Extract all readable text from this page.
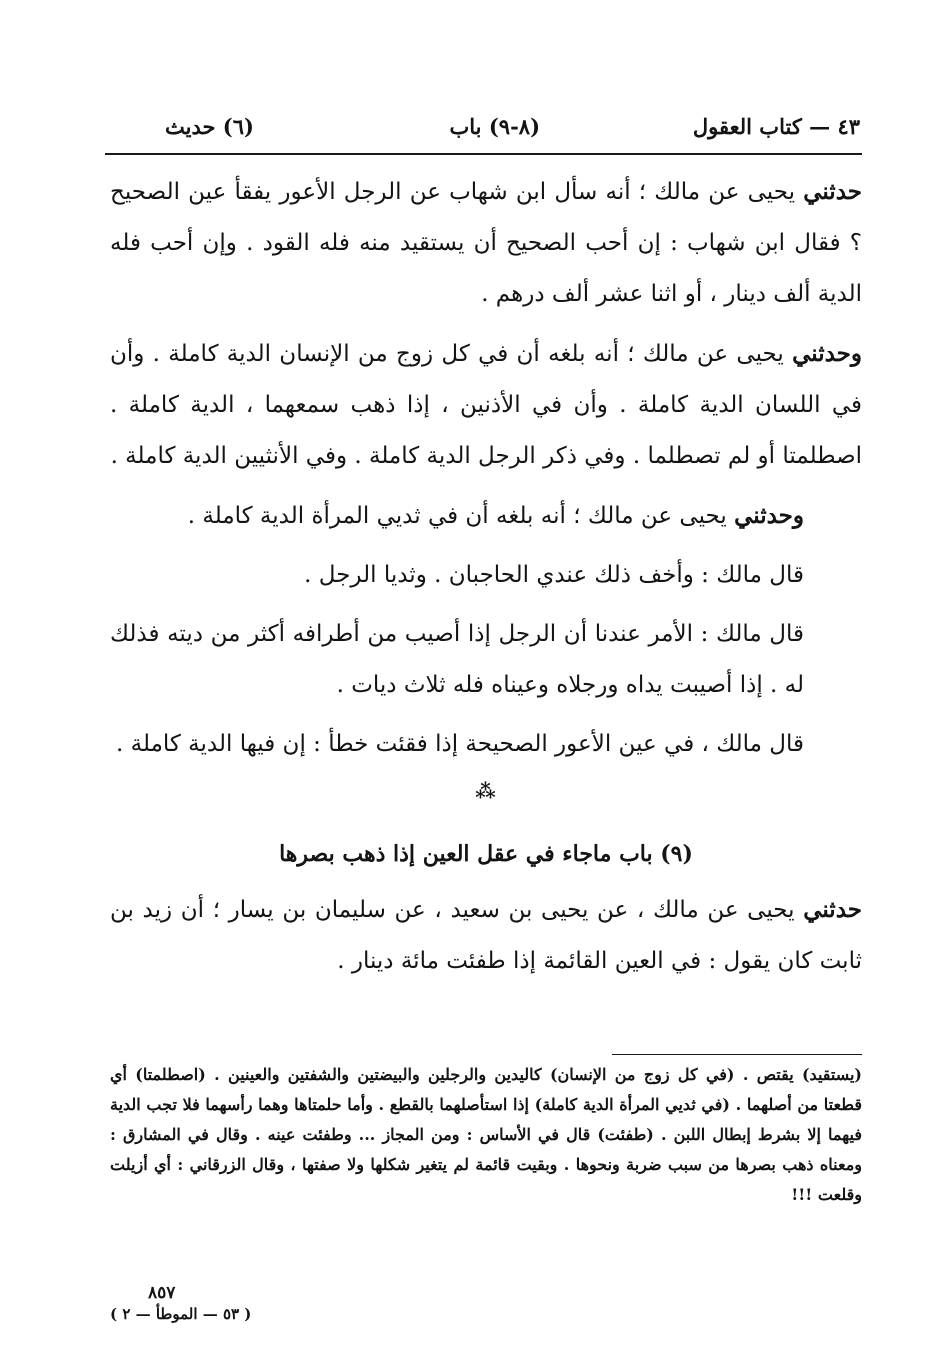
٤٣ — كتاب العقول
(٨-٩) باب
(٦) حديث

حدثني يحيى عن مالك ؛ أنه سأل ابن شهاب عن الرجل الأعور يفقأ عين الصحيح ؟ فقال ابن شهاب : إن أحب الصحيح أن يستقيد منه فله القود . وإن أحب فله الدية ألف دينار ، أو اثنا عشر ألف درهم .

وحدثني يحيى عن مالك ؛ أنه بلغه أن في كل زوج من الإنسان الدية كاملة . وأن في اللسان الدية كاملة . وأن في الأذنين ، إذا ذهب سمعهما ، الدية كاملة . اصطلمتا أو لم تصطلما . وفي ذكر الرجل الدية كاملة . وفي الأنثيين الدية كاملة .

وحدثني يحيى عن مالك ؛ أنه بلغه أن في ثديي المرأة الدية كاملة .

قال مالك : وأخف ذلك عندي الحاجبان . وثديا الرجل .

قال مالك : الأمر عندنا أن الرجل إذا أصيب من أطرافه أكثر من ديته فذلك له . إذا أصيبت يداه ورجلاه وعيناه فله ثلاث ديات .

قال مالك ، في عين الأعور الصحيحة إذا فقئت خطأ : إن فيها الدية كاملة .

⁂
(٩) باب ماجاء في عقل العين إذا ذهب بصرها

حدثني يحيى عن مالك ، عن يحيى بن سعيد ، عن سليمان بن يسار ؛ أن زيد بن ثابت كان يقول : في العين القائمة إذا طفئت مائة دينار .

(يستقيد) يقتص . (في كل زوج من الإنسان) كاليدين والرجلين والبيضتين والشفتين والعينين . (اصطلمتا) أي قطعتا من أصلهما . (في ثديي المرأة الدية كاملة) إذا استأصلهما بالقطع . وأما حلمتاها وهما رأسهما فلا تجب الدية فيهما إلا بشرط إبطال اللبن . (طفئت) قال في الأساس : ومن المجاز ... وطفئت عينه . وقال في المشارق : ومعناه ذهب بصرها من سبب ضربة ونحوها . وبقيت قائمة لم يتغير شكلها ولا صفتها ، وقال الزرقاني : أي أزيلت وقلعت !!!

٨٥٧
( ٥٣ — الموطأ — ٢ )
